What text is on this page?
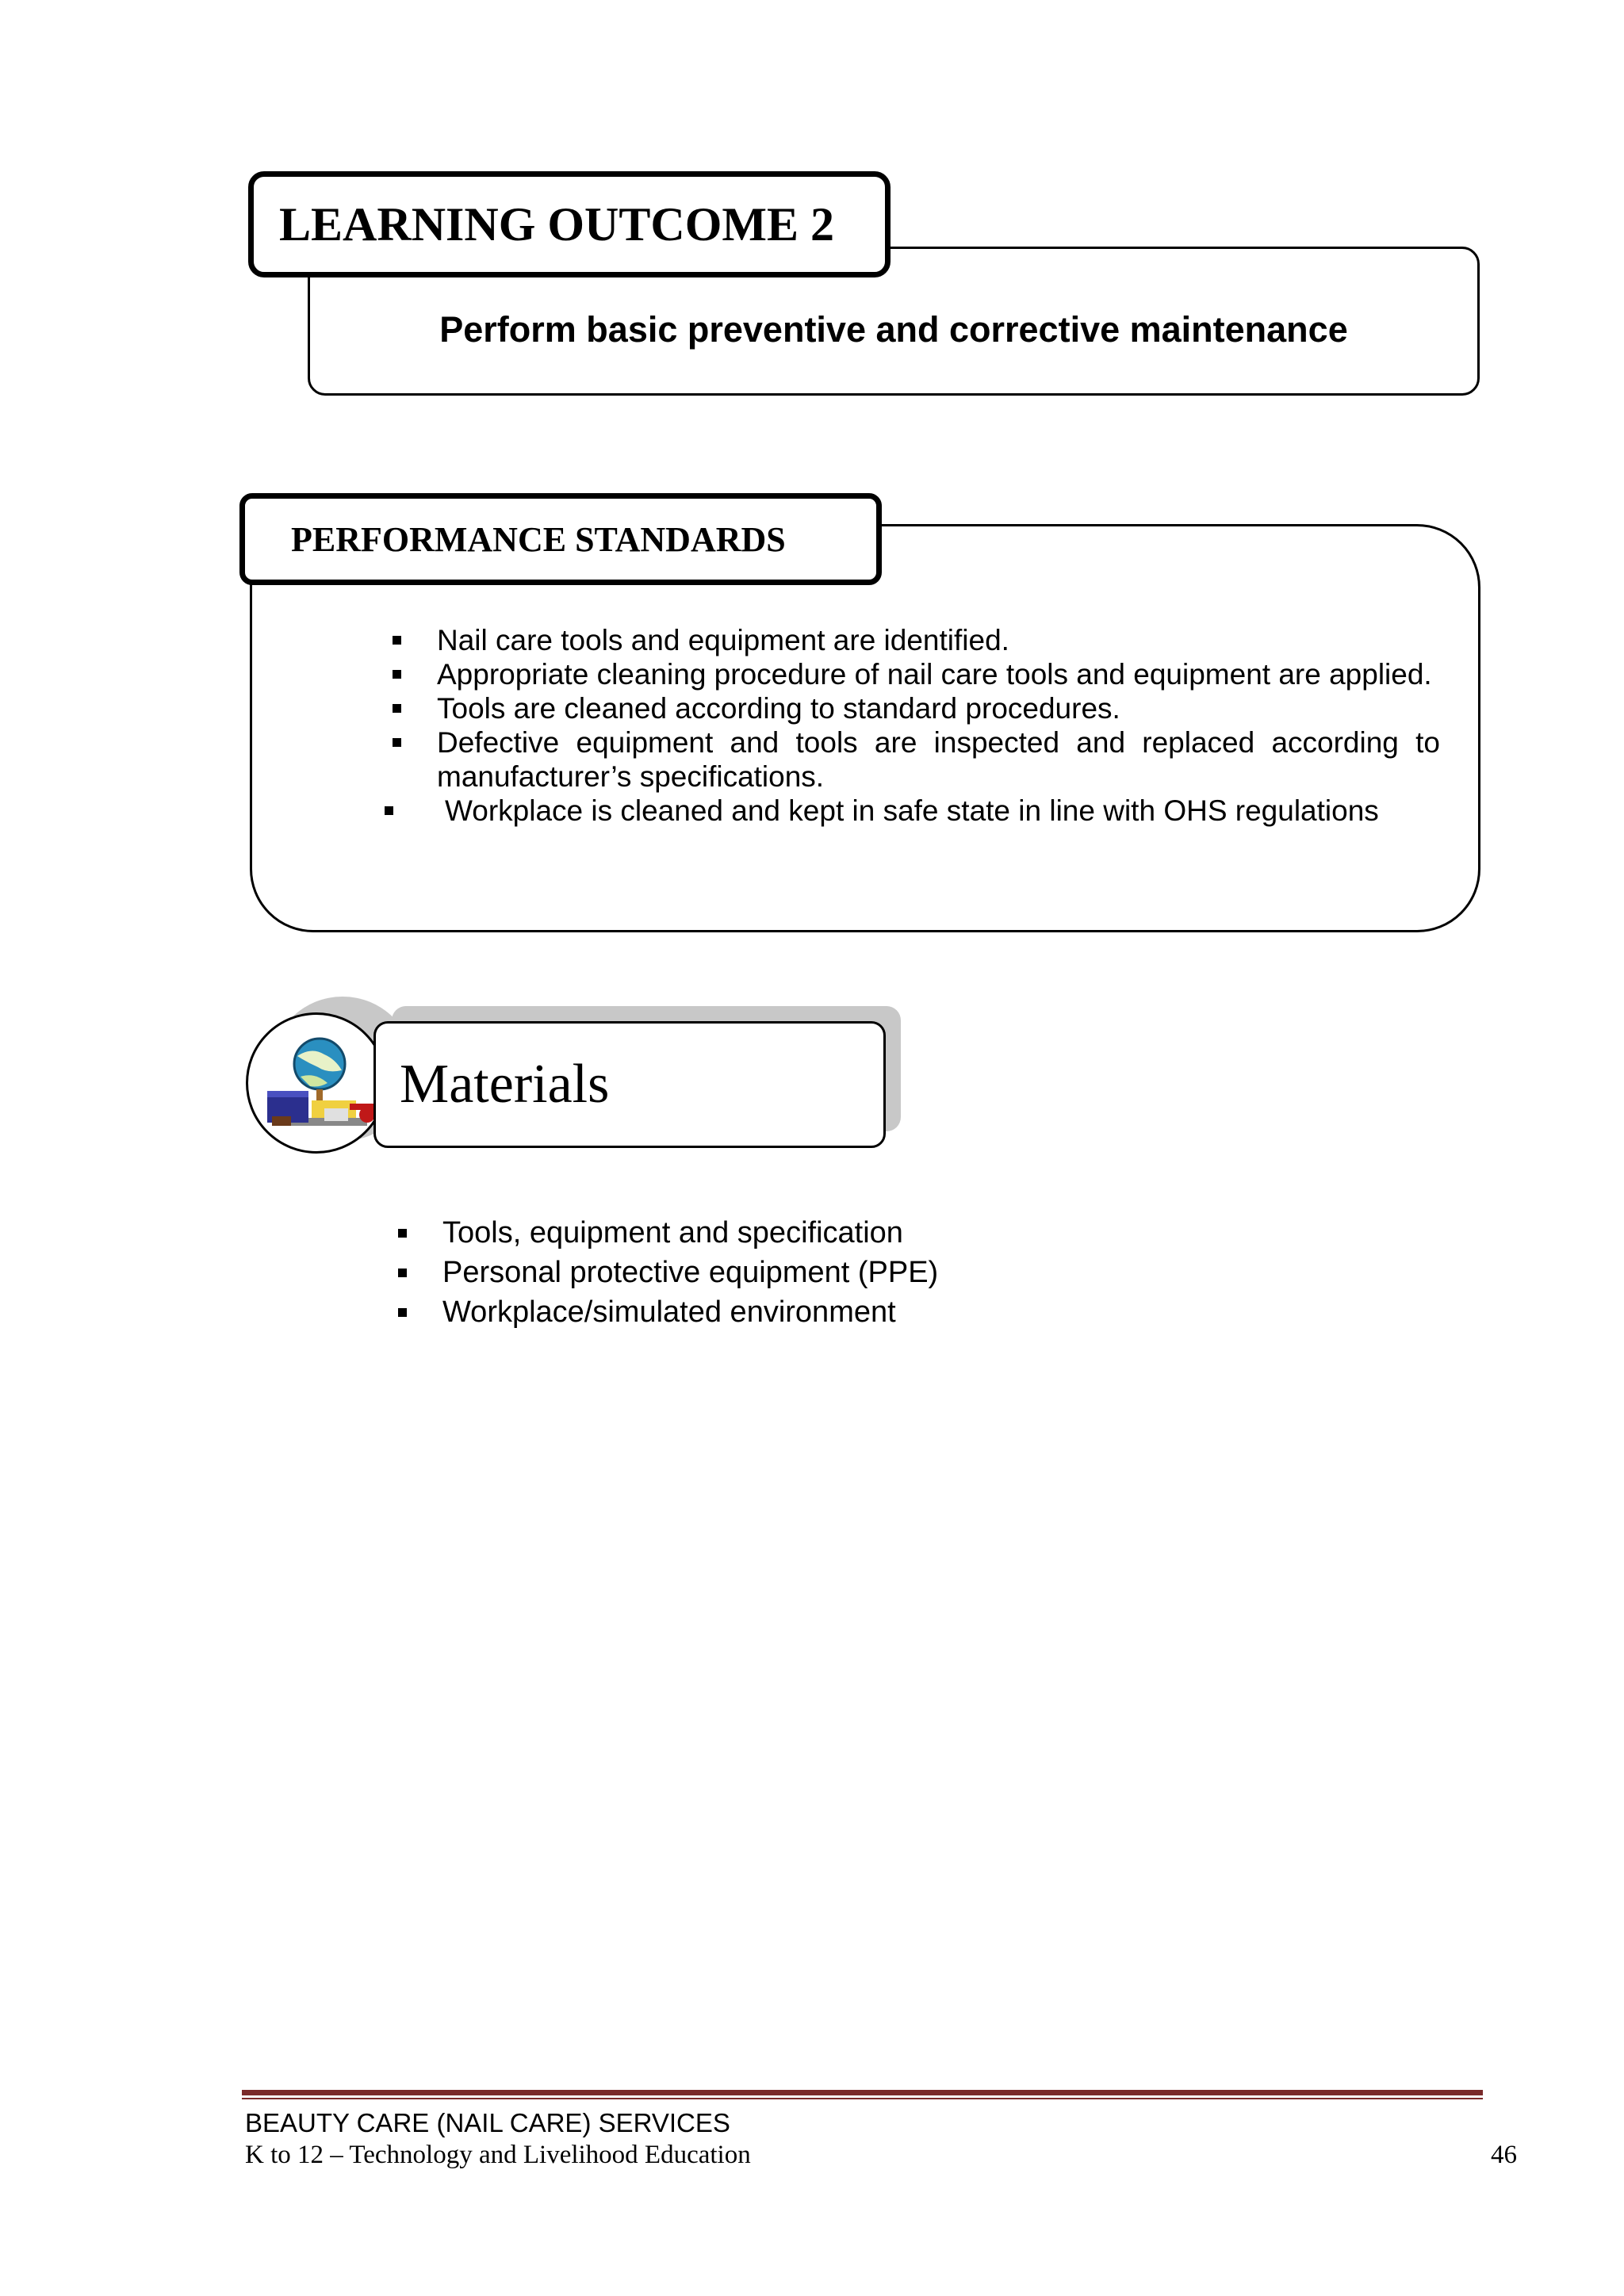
Perform basic preventive and corrective maintenance
LEARNING OUTCOME 2
PERFORMANCE STANDARDS
Nail care tools and equipment are identified.
Appropriate cleaning procedure of nail care tools and equipment are applied.
Tools are cleaned according to standard procedures.
Defective equipment and tools are inspected and replaced according to manufacturer’s specifications.
Workplace is cleaned and kept in safe state in line with OHS regulations
Materials
Tools, equipment and specification
Personal protective equipment (PPE)
Workplace/simulated environment
BEAUTY CARE (NAIL CARE) SERVICES
K to 12 – Technology and Livelihood Education	46
